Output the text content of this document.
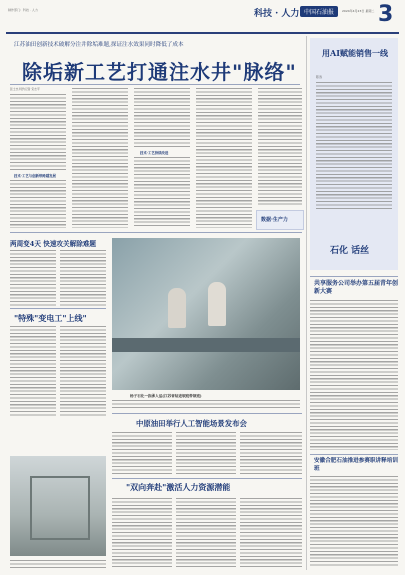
制作部门：科技 · 人力	科技 · 人力 中国石油报	2024年4月23日 星期二 3
江苏油田创新技术破解分注井除垢难题,探证注水效果同时降低了成本
除垢新工艺打通注水井"脉络"
张士杰 特约记者 宋志平
技术·工艺与创新带跨越发展
技术·工艺持续改进
数据·生产力
两周变4天 快速攻关解除难题
"特殊"变电工"上线"
杨子石化一指承人运(江苏省钻进领班带领班)
中原油田举行人工智能场景发布会
"双向奔赴"激活人力资源潜能
用AI赋能销售一线
陈涛
石化 话丝
共享服务公司举办第五届青年创新大赛
安徽合肥石油推进参赛职讲释培训班
